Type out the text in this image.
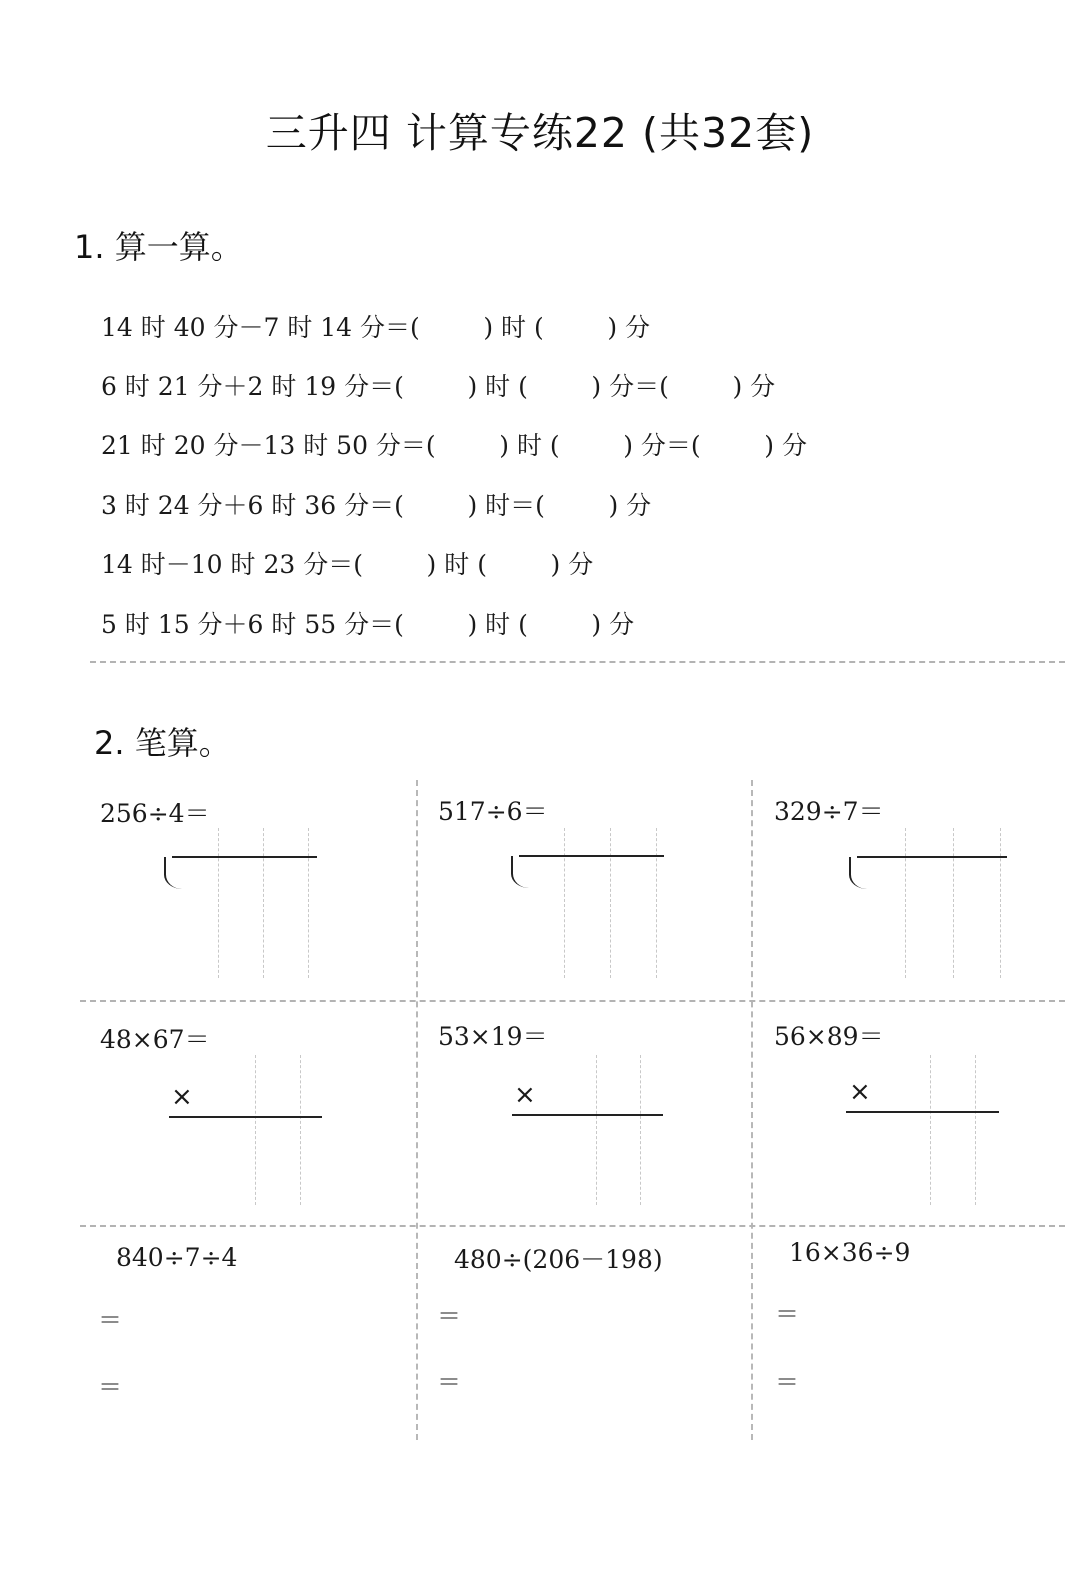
三升四 计算专练22 (共32套)
1. 算一算。
14 时 40 分－7 时 14 分＝(        ) 时 (        ) 分
6 时 21 分＋2 时 19 分＝(        ) 时 (        ) 分＝(        ) 分
21 时 20 分－13 时 50 分＝(        ) 时 (        ) 分＝(        ) 分
3 时 24 分＋6 时 36 分＝(        ) 时＝(        ) 分
14 时－10 时 23 分＝(        ) 时 (        ) 分
5 时 15 分＋6 时 55 分＝(        ) 时 (        ) 分
2. 笔算。
256÷4＝	517÷6＝	329÷7＝
48×67＝	53×19＝	56×89＝
×	×	×
840÷7÷4	480÷(206－198)	16×36÷9
＝
＝
＝
＝
＝
＝
